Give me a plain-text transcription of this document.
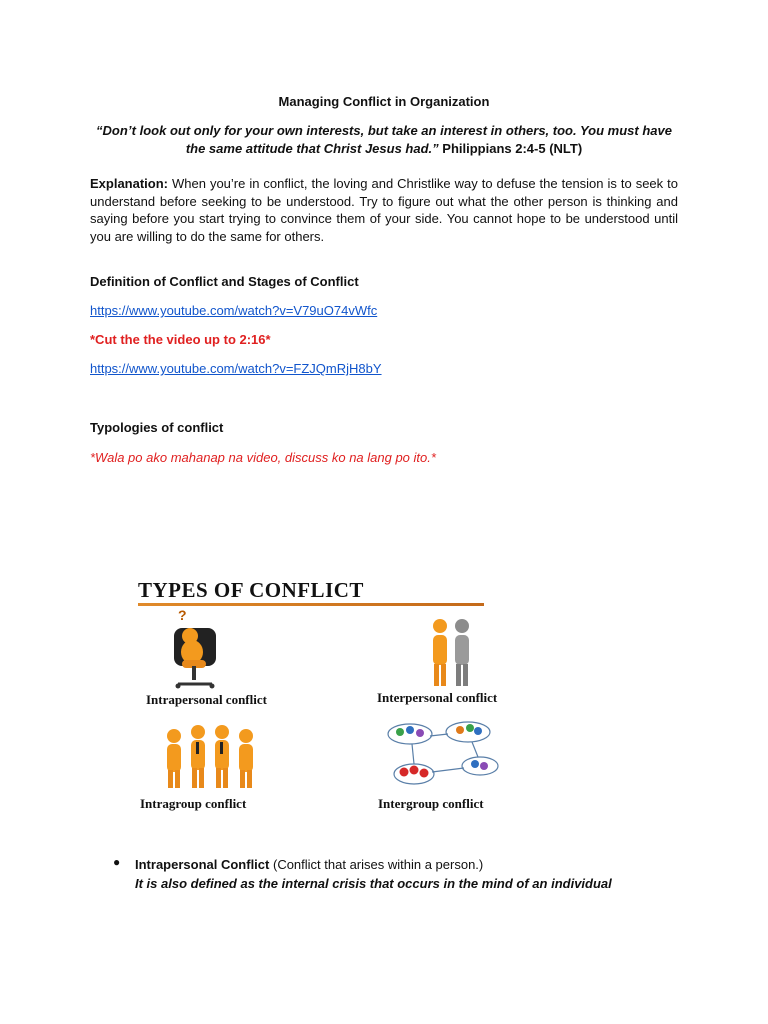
Managing Conflict in Organization
“Don’t look out only for your own interests, but take an interest in others, too. You must have the same attitude that Christ Jesus had.” Philippians 2:4-5 (NLT)
Explanation: When you’re in conflict, the loving and Christlike way to defuse the tension is to seek to understand before seeking to be understood. Try to figure out what the other person is thinking and saying before you start trying to convince them of your side. You cannot hope to be understood until you are willing to do the same for others.
Definition of Conflict and Stages of Conflict
https://www.youtube.com/watch?v=V79uO74vWfc
*Cut the the video up to 2:16*
https://www.youtube.com/watch?v=FZJQmRjH8bY
Typologies of conflict
*Wala po ako mahanap na video, discuss ko na lang po ito.*
TYPES OF CONFLICT
?
Intrapersonal conflict	Interpersonal conflict
Intragroup conflict	Intergroup conflict
● Intrapersonal Conflict (Conflict that arises within a person.)
It is also defined as the internal crisis that occurs in the mind of an individual
